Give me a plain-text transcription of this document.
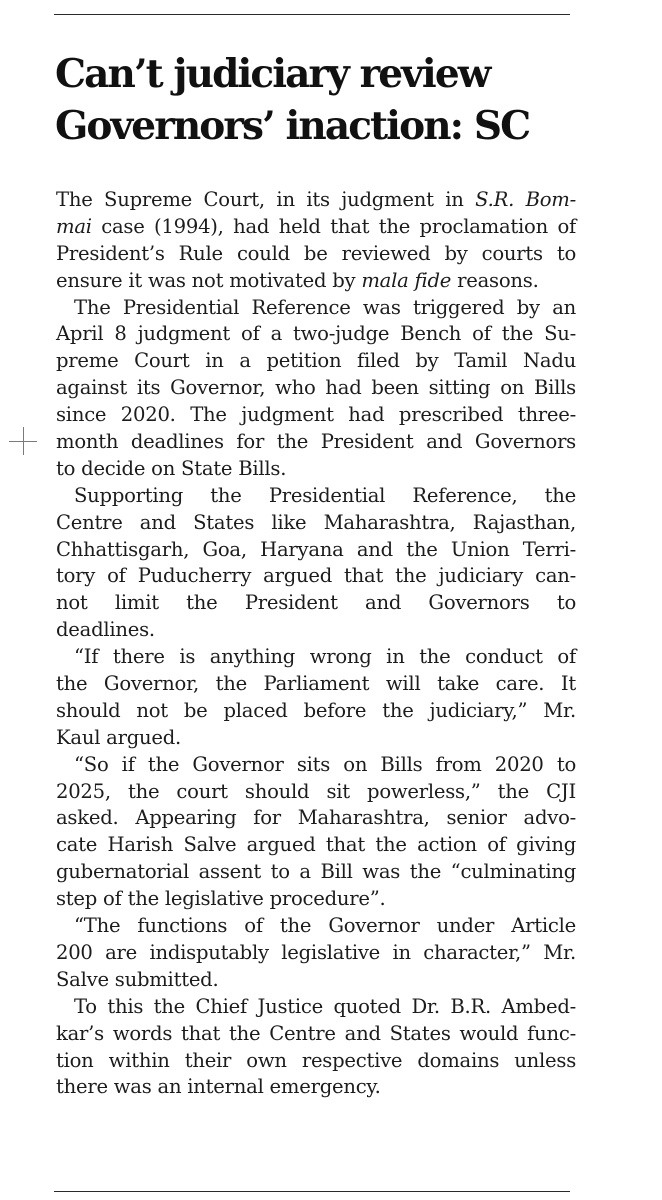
Can’t judiciary review
Governors’ inaction: SC
The Supreme Court, in its judgment in S.R. Bom-
mai case (1994), had held that the proclamation of
President’s Rule could be reviewed by courts to
ensure it was not motivated by mala fide reasons.
The Presidential Reference was triggered by an
April 8 judgment of a two-judge Bench of the Su-
preme Court in a petition filed by Tamil Nadu
against its Governor, who had been sitting on Bills
since 2020. The judgment had prescribed three-
month deadlines for the President and Governors
to decide on State Bills.
Supporting the Presidential Reference, the
Centre and States like Maharashtra, Rajasthan,
Chhattisgarh, Goa, Haryana and the Union Terri-
tory of Puducherry argued that the judiciary can-
not limit the President and Governors to
deadlines.
“If there is anything wrong in the conduct of
the Governor, the Parliament will take care. It
should not be placed before the judiciary,” Mr.
Kaul argued.
“So if the Governor sits on Bills from 2020 to
2025, the court should sit powerless,” the CJI
asked. Appearing for Maharashtra, senior advo-
cate Harish Salve argued that the action of giving
gubernatorial assent to a Bill was the “culminating
step of the legislative procedure”.
“The functions of the Governor under Article
200 are indisputably legislative in character,” Mr.
Salve submitted.
To this the Chief Justice quoted Dr. B.R. Ambed-
kar’s words that the Centre and States would func-
tion within their own respective domains unless
there was an internal emergency.
